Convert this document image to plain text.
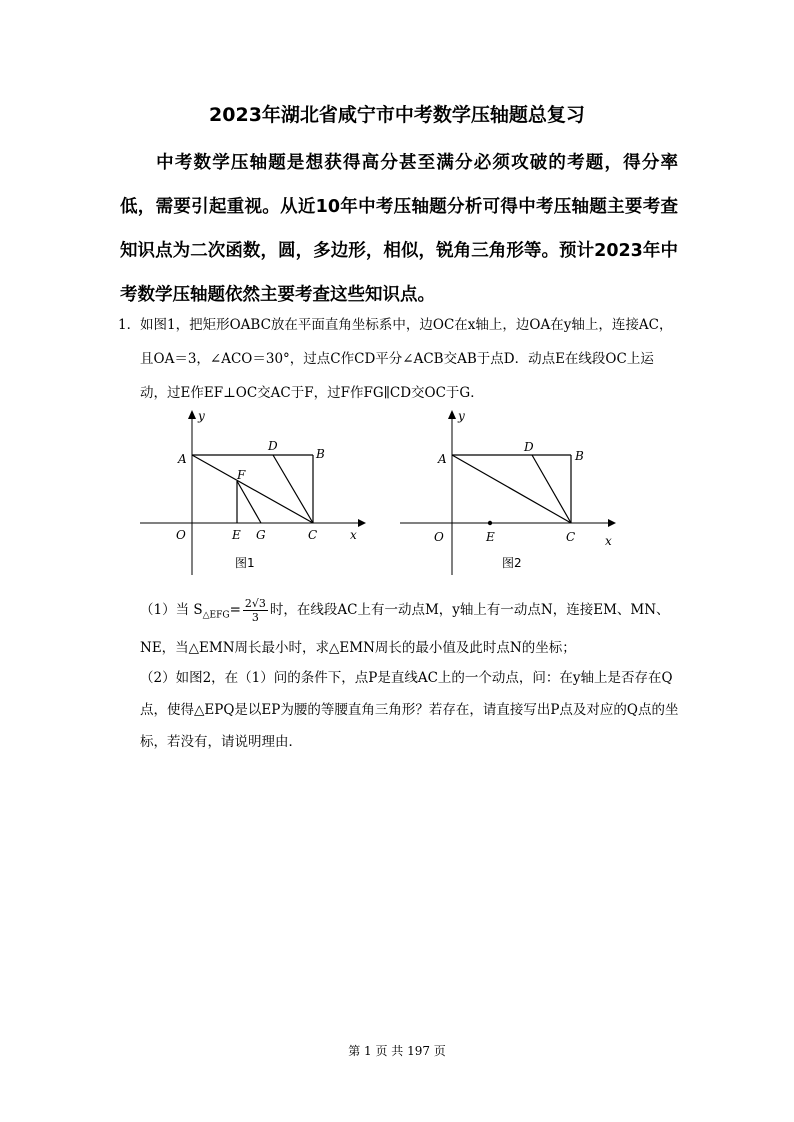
2023年湖北省咸宁市中考数学压轴题总复习

中考数学压轴题是想获得高分甚至满分必须攻破的考题，得分率低，需要引起重视。从近10年中考压轴题分析可得中考压轴题主要考查知识点为二次函数，圆，多边形，相似，锐角三角形等。预计2023年中考数学压轴题依然主要考查这些知识点。

1． 如图1，把矩形OABC放在平面直角坐标系中，边OC在x轴上，边OA在y轴上，连接AC，且OA＝3，∠ACO＝30°，过点C作CD平分∠ACB交AB于点D．动点E在线段OC上运动，过E作EF⊥OC交AC于F，过F作FG∥CD交OC于G．
y
x
O
A	B
C
D
E
F
G
图1
y
x
O
A	B
C
D
E
图2

（1）当 $S_{\triangle EFG}= \frac{2√3}{3}$ 时，在线段AC上有一动点M，y轴上有一动点N，连接EM、MN、NE，当△EMN周长最小时，求△EMN周长的最小值及此时点N的坐标；

（2）如图2，在（1）问的条件下，点P是直线AC上的一个动点，问：在y轴上是否存在Q点，使得△EPQ是以EP为腰的等腰直角三角形？若存在，请直接写出P点及对应的Q点的坐标，若没有，请说明理由．

第 1 页 共 197 页
